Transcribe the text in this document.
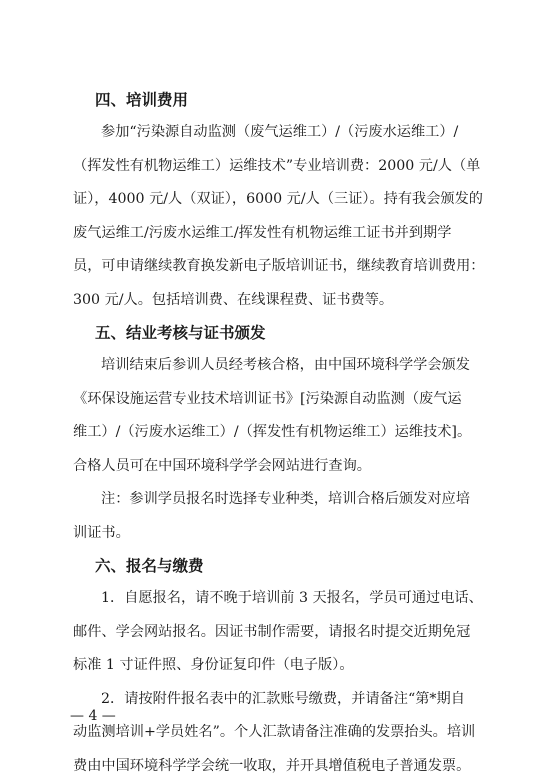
四、培训费用
参加“污染源自动监测（废气运维工）/（污废水运维工）/
（挥发性有机物运维工）运维技术”专业培训费：2000 元/人（单
证），4000 元/人（双证），6000 元/人（三证）。持有我会颁发的
废气运维工/污废水运维工/挥发性有机物运维工证书并到期学
员，可申请继续教育换发新电子版培训证书，继续教育培训费用：
300 元/人。包括培训费、在线课程费、证书费等。
五、结业考核与证书颁发
培训结束后参训人员经考核合格，由中国环境科学学会颁发
《环保设施运营专业技术培训证书》[污染源自动监测（废气运
维工）/（污废水运维工）/（挥发性有机物运维工）运维技术]。
合格人员可在中国环境科学学会网站进行查询。
注：参训学员报名时选择专业种类，培训合格后颁发对应培
训证书。
六、报名与缴费
1．自愿报名，请不晚于培训前 3 天报名，学员可通过电话、
邮件、学会网站报名。因证书制作需要，请报名时提交近期免冠
标准 1 寸证件照、身份证复印件（电子版）。
2．请按附件报名表中的汇款账号缴费，并请备注“第*期自
动监测培训+学员姓名”。个人汇款请备注准确的发票抬头。培训
费由中国环境科学学会统一收取，并开具增值税电子普通发票。
— 4 —
